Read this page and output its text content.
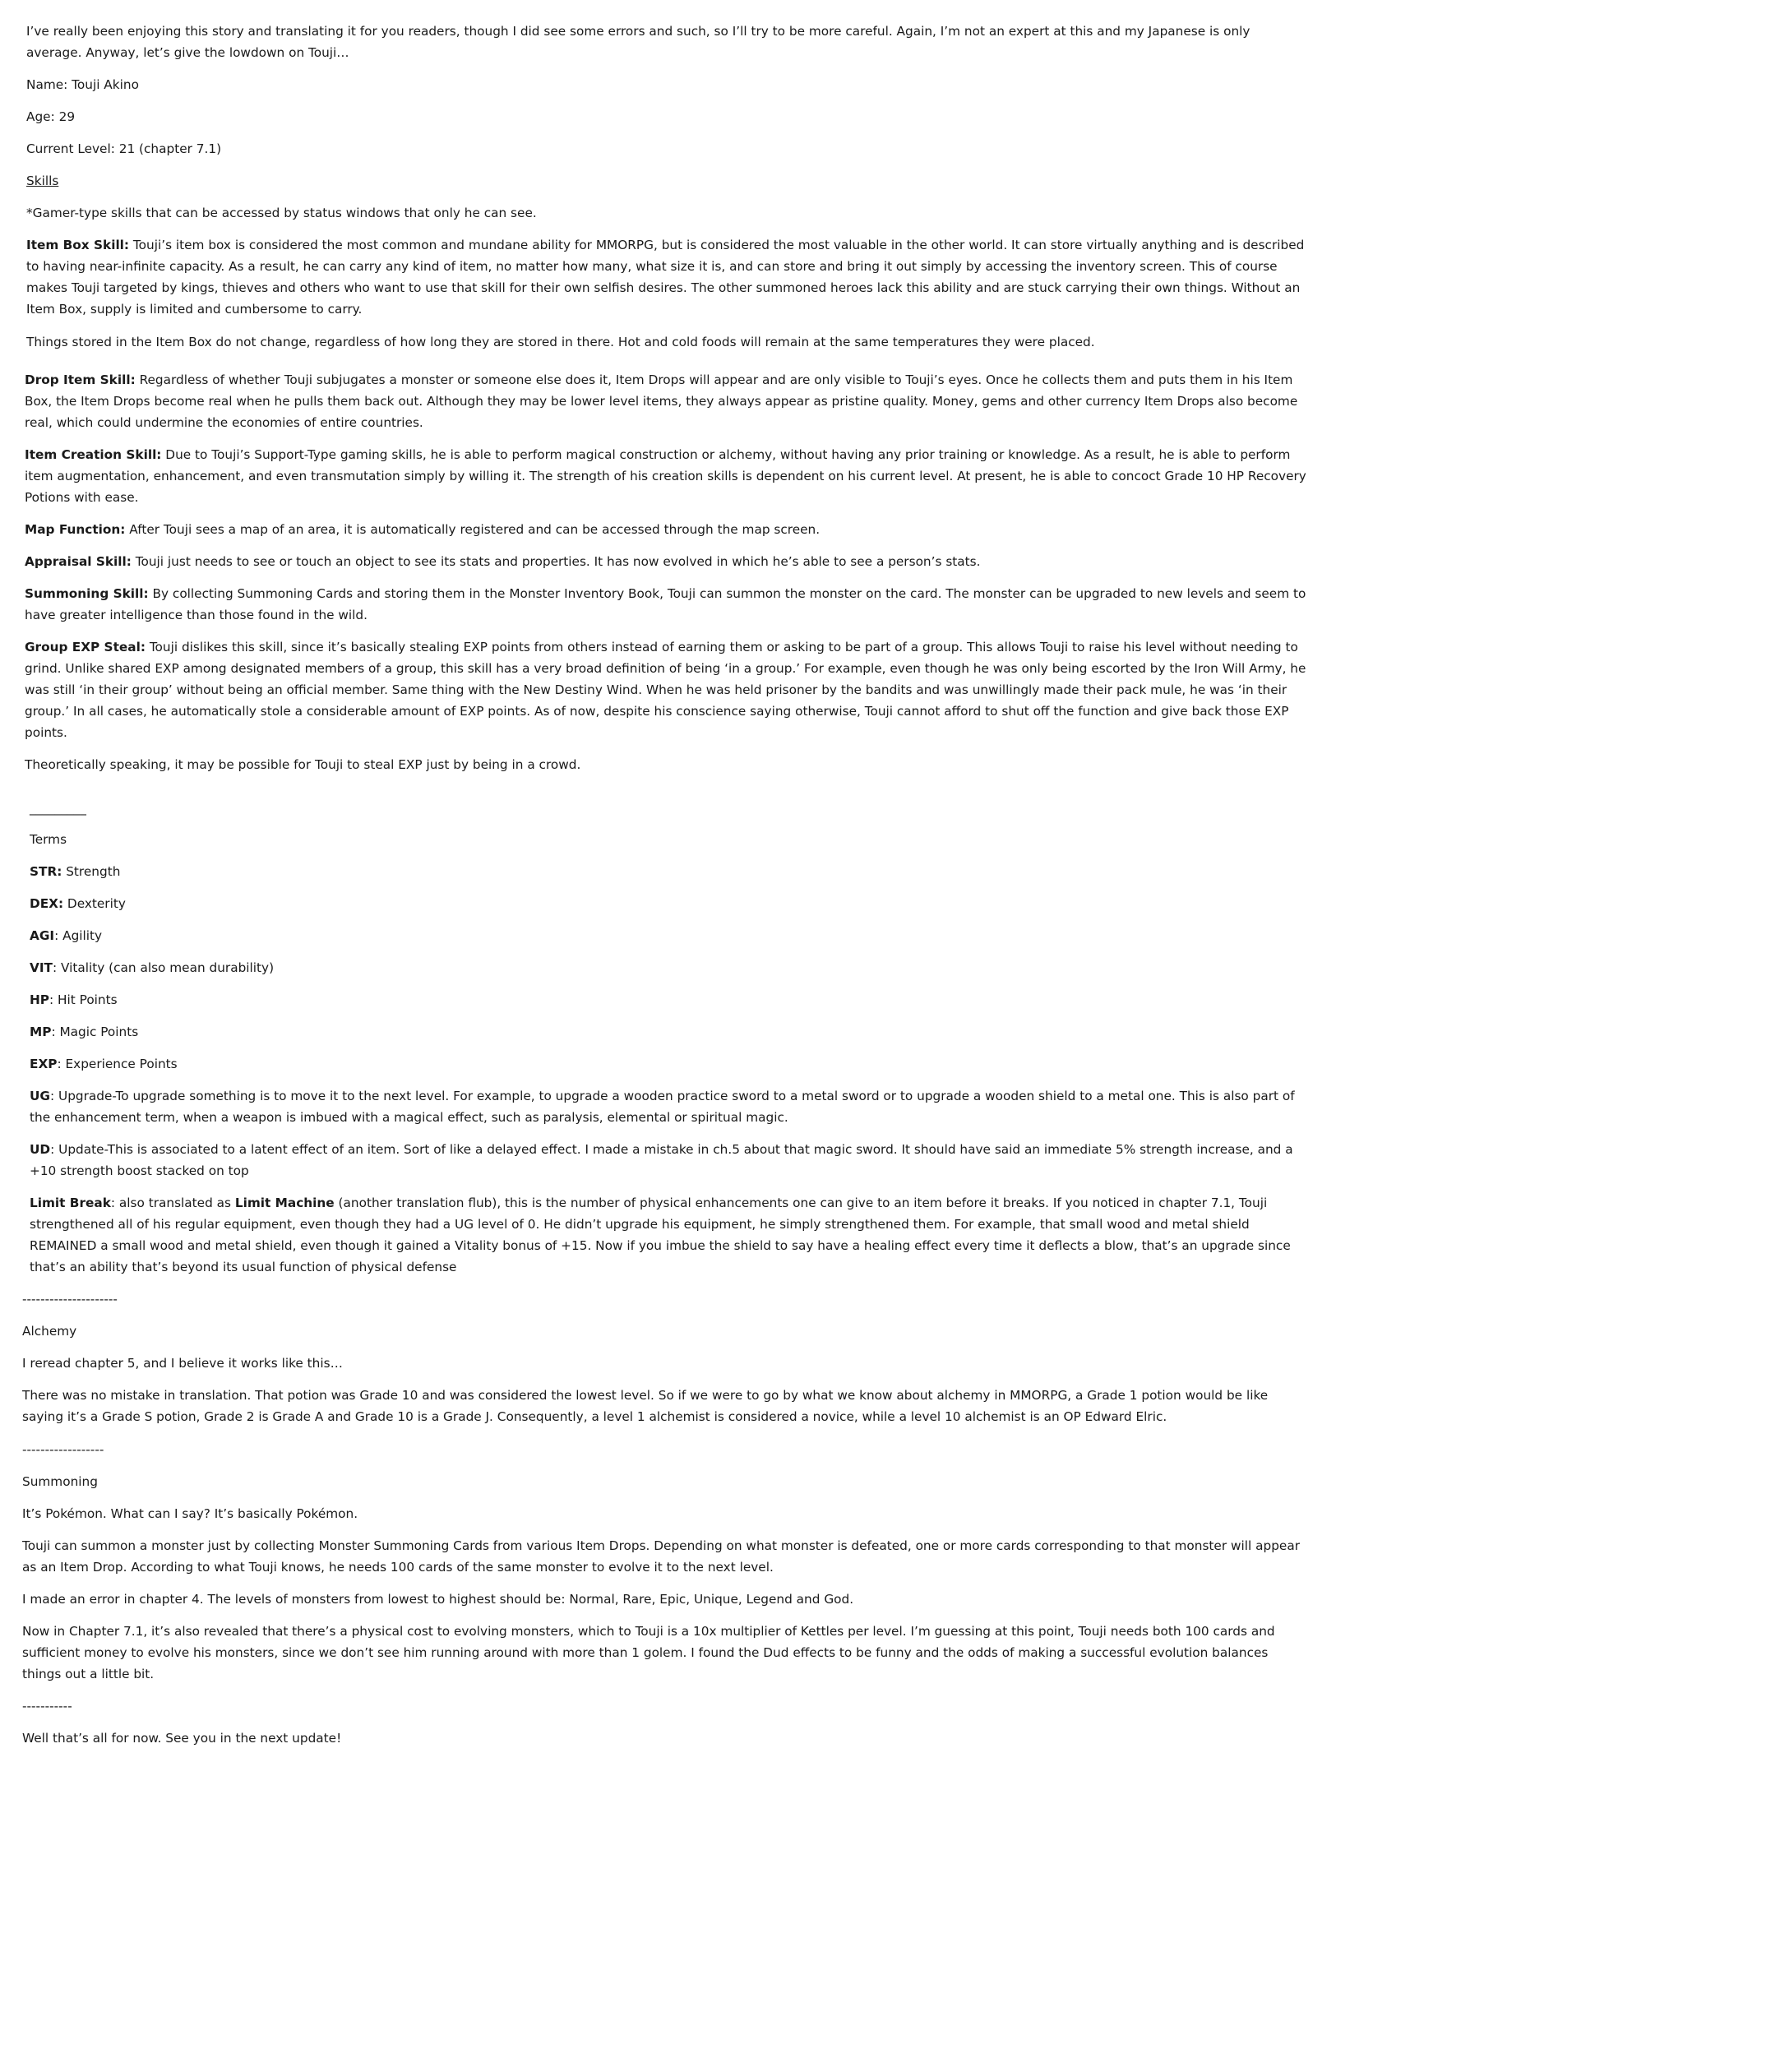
I’ve really been enjoying this story and translating it for you readers, though I did see some errors and such, so I’ll try to be more careful. Again, I’m not an expert at this and my Japanese is only average. Anyway, let’s give the lowdown on Touji…

Name: Touji Akino

Age: 29

Current Level: 21 (chapter 7.1)

Skills

*Gamer-type skills that can be accessed by status windows that only he can see.

Item Box Skill: Touji’s item box is considered the most common and mundane ability for MMORPG, but is considered the most valuable in the other world. It can store virtually anything and is described to having near-infinite capacity. As a result, he can carry any kind of item, no matter how many, what size it is, and can store and bring it out simply by accessing the inventory screen. This of course makes Touji targeted by kings, thieves and others who want to use that skill for their own selfish desires. The other summoned heroes lack this ability and are stuck carrying their own things. Without an Item Box, supply is limited and cumbersome to carry.

Things stored in the Item Box do not change, regardless of how long they are stored in there. Hot and cold foods will remain at the same temperatures they were placed.

Drop Item Skill: Regardless of whether Touji subjugates a monster or someone else does it, Item Drops will appear and are only visible to Touji’s eyes. Once he collects them and puts them in his Item Box, the Item Drops become real when he pulls them back out. Although they may be lower level items, they always appear as pristine quality. Money, gems and other currency Item Drops also become real, which could undermine the economies of entire countries.

Item Creation Skill: Due to Touji’s Support-Type gaming skills, he is able to perform magical construction or alchemy, without having any prior training or knowledge. As a result, he is able to perform item augmentation, enhancement, and even transmutation simply by willing it. The strength of his creation skills is dependent on his current level. At present, he is able to concoct Grade 10 HP Recovery Potions with ease.

Map Function: After Touji sees a map of an area, it is automatically registered and can be accessed through the map screen.

Appraisal Skill: Touji just needs to see or touch an object to see its stats and properties. It has now evolved in which he’s able to see a person’s stats.

Summoning Skill: By collecting Summoning Cards and storing them in the Monster Inventory Book, Touji can summon the monster on the card. The monster can be upgraded to new levels and seem to have greater intelligence than those found in the wild.

Group EXP Steal: Touji dislikes this skill, since it’s basically stealing EXP points from others instead of earning them or asking to be part of a group. This allows Touji to raise his level without needing to grind. Unlike shared EXP among designated members of a group, this skill has a very broad definition of being ‘in a group.’ For example, even though he was only being escorted by the Iron Will Army, he was still ‘in their group’ without being an official member. Same thing with the New Destiny Wind. When he was held prisoner by the bandits and was unwillingly made their pack mule, he was ‘in their group.’ In all cases, he automatically stole a considerable amount of EXP points. As of now, despite his conscience saying otherwise, Touji cannot afford to shut off the function and give back those EXP points.

Theoretically speaking, it may be possible for Touji to steal EXP just by being in a crowd.

_________

Terms

STR: Strength

DEX: Dexterity

AGI: Agility

VIT: Vitality (can also mean durability)

HP: Hit Points

MP: Magic Points

EXP: Experience Points

UG: Upgrade-To upgrade something is to move it to the next level. For example, to upgrade a wooden practice sword to a metal sword or to upgrade a wooden shield to a metal one. This is also part of the enhancement term, when a weapon is imbued with a magical effect, such as paralysis, elemental or spiritual magic.

UD: Update-This is associated to a latent effect of an item. Sort of like a delayed effect. I made a mistake in ch.5 about that magic sword. It should have said an immediate 5% strength increase, and a +10 strength boost stacked on top

Limit Break: also translated as Limit Machine (another translation flub), this is the number of physical enhancements one can give to an item before it breaks. If you noticed in chapter 7.1, Touji strengthened all of his regular equipment, even though they had a UG level of 0. He didn’t upgrade his equipment, he simply strengthened them. For example, that small wood and metal shield REMAINED a small wood and metal shield, even though it gained a Vitality bonus of +15. Now if you imbue the shield to say have a healing effect every time it deflects a blow, that’s an upgrade since that’s an ability that’s beyond its usual function of physical defense

---------------------

Alchemy

I reread chapter 5, and I believe it works like this…

There was no mistake in translation. That potion was Grade 10 and was considered the lowest level. So if we were to go by what we know about alchemy in MMORPG, a Grade 1 potion would be like saying it’s a Grade S potion, Grade 2 is Grade A and Grade 10 is a Grade J. Consequently, a level 1 alchemist is considered a novice, while a level 10 alchemist is an OP Edward Elric.

------------------

Summoning

It’s Pokémon. What can I say? It’s basically Pokémon.

Touji can summon a monster just by collecting Monster Summoning Cards from various Item Drops. Depending on what monster is defeated, one or more cards corresponding to that monster will appear as an Item Drop. According to what Touji knows, he needs 100 cards of the same monster to evolve it to the next level.

I made an error in chapter 4. The levels of monsters from lowest to highest should be: Normal, Rare, Epic, Unique, Legend and God.

Now in Chapter 7.1, it’s also revealed that there’s a physical cost to evolving monsters, which to Touji is a 10x multiplier of Kettles per level. I’m guessing at this point, Touji needs both 100 cards and sufficient money to evolve his monsters, since we don’t see him running around with more than 1 golem. I found the Dud effects to be funny and the odds of making a successful evolution balances things out a little bit.

-----------

Well that’s all for now. See you in the next update!
